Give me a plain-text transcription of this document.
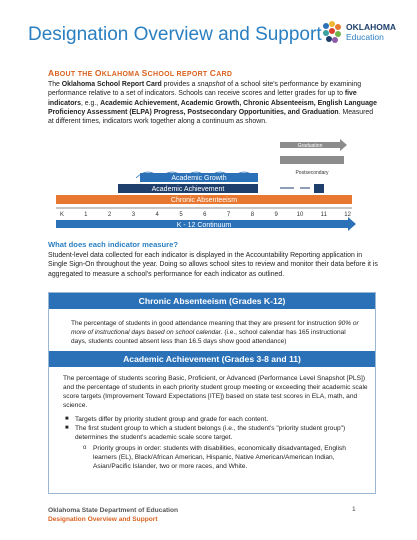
Designation Overview and Support	OKLAHOMA
Education
ABOUT THE OKLAHOMA SCHOOL REPORT CARD
The Oklahoma School Report Card provides a snapshot of a school site's performance by examining performance relative to a set of indicators. Schools can receive scores and letter grades for up to five indicators, e.g., Academic Achievement, Academic Growth, Chronic Absenteeism, English Language Proficiency Assessment (ELPA) Progress, Postsecondary Opportunities, and Graduation. Measured at different times, indicators work together along a continuum as shown.
Graduation
Postsecondary
Academic Growth
Academic Achievement
Chronic Absenteeism
K	1	2	3	4	5	6	7	8	9	10	11	12
K - 12 Continuum
What does each indicator measure?
Student-level data collected for each indicator is displayed in the Accountability Reporting application in Single Sign-On throughout the year. Doing so allows school sites to review and monitor their data before it is aggregated to measure a school's performance for each indicator as outlined.
Chronic Absenteeism (Grades K-12)
The percentage of students in good attendance meaning that they are present for instruction 90% or more of instructional days based on school calendar. (i.e., school calendar has 165 instructional days, students counted absent less than 16.5 days show good attendance)
Academic Achievement (Grades 3-8 and 11)
The percentage of students scoring Basic, Proficient, or Advanced (Performance Level Snapshot [PLS]) and the percentage of students in each priority student group meeting or exceeding their academic scale score targets (Improvement Toward Expectations [ITE]) based on state test scores in ELA, math, and science.
■ Targets differ by priority student group and grade for each content.
■ The first student group to which a student belongs (i.e., the student's "priority student group") determines the student's academic scale score target.
o Priority groups in order: students with disabilities, economically disadvantaged, English learners (EL), Black/African American, Hispanic, Native American/American Indian, Asian/Pacific Islander, two or more races, and White.
Oklahoma State Department of Education
Designation Overview and Support
1
